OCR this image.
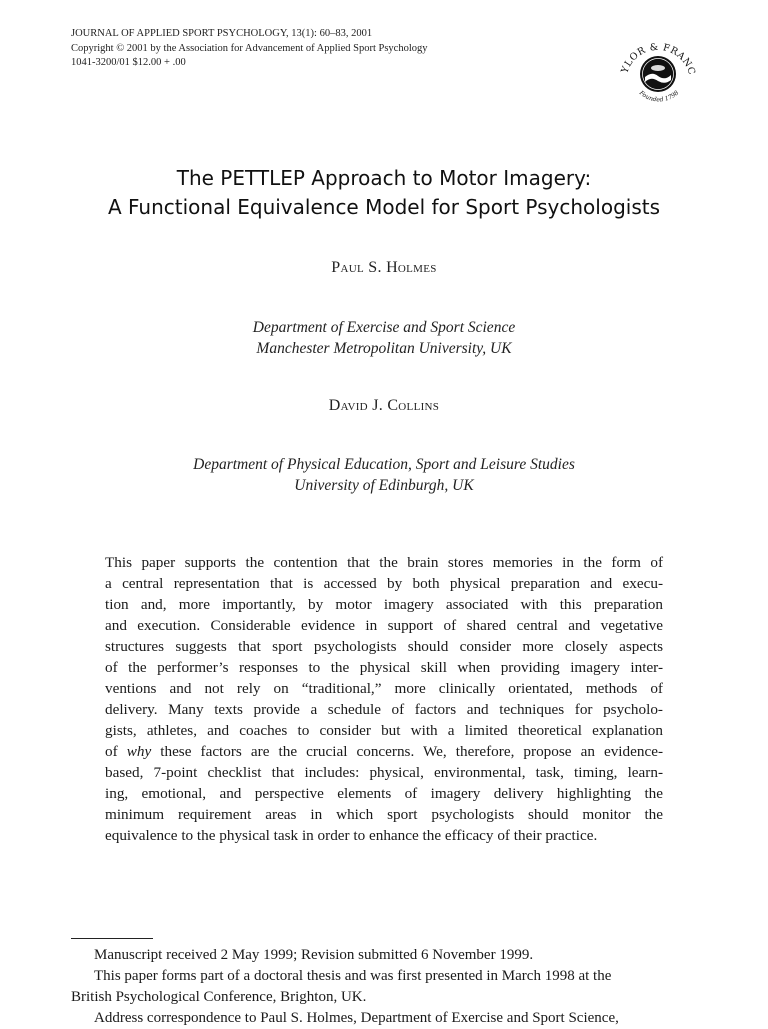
JOURNAL OF APPLIED SPORT PSYCHOLOGY, 13(1): 60–83, 2001
Copyright © 2001 by the Association for Advancement of Applied Sport Psychology
1041-3200/01 $12.00 + .00
YLOR & FRANC
Founded 1798
The PETTLEP Approach to Motor Imagery:
A Functional Equivalence Model for Sport Psychologists
Paul S. Holmes
Department of Exercise and Sport Science
Manchester Metropolitan University, UK
David J. Collins
Department of Physical Education, Sport and Leisure Studies
University of Edinburgh, UK
This paper supports the contention that the brain stores memories in the form of
a central representation that is accessed by both physical preparation and execu-
tion and, more importantly, by motor imagery associated with this preparation
and execution. Considerable evidence in support of shared central and vegetative
structures suggests that sport psychologists should consider more closely aspects
of the performer’s responses to the physical skill when providing imagery inter-
ventions and not rely on “traditional,” more clinically orientated, methods of
delivery. Many texts provide a schedule of factors and techniques for psycholo-
gists, athletes, and coaches to consider but with a limited theoretical explanation
of why these factors are the crucial concerns. We, therefore, propose an evidence-
based, 7-point checklist that includes: physical, environmental, task, timing, learn-
ing, emotional, and perspective elements of imagery delivery highlighting the
minimum requirement areas in which sport psychologists should monitor the
equivalence to the physical task in order to enhance the efficacy of their practice.
Manuscript received 2 May 1999; Revision submitted 6 November 1999.
This paper forms part of a doctoral thesis and was first presented in March 1998 at the
British Psychological Conference, Brighton, UK.
Address correspondence to Paul S. Holmes, Department of Exercise and Sport Science,
